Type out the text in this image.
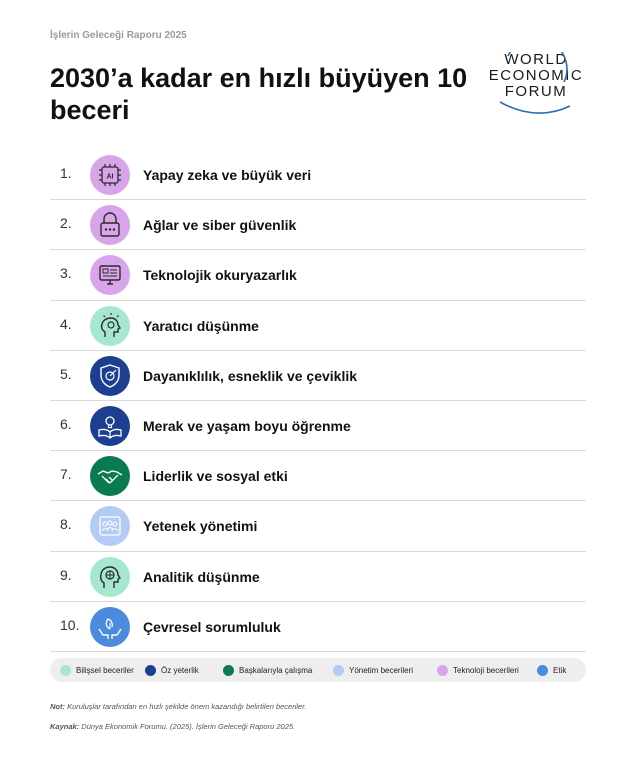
İşlerin Geleceği Raporu 2025
2030’a kadar en hızlı büyüyen 10 beceri
WORLD
ECONOMIC
FORUM
1.	AI Yapay zeka ve büyük veri
2.	Ağlar ve siber güvenlik
3.	Teknolojik okuryazarlık
4.	Yaratıcı düşünme
5.	Dayanıklılık, esneklik ve çeviklik
6.	Merak ve yaşam boyu öğrenme
7.	Liderlik ve sosyal etki
8.	Yetenek yönetimi
9.	Analitik düşünme
10.	Çevresel sorumluluk
Bilişsel beceriler	Öz yeterlik	Başkalarıyla çalışma	Yönetim becerileri	Teknoloji becerileri	Etik
Not: Kuruluşlar tarafından en hızlı şekilde önem kazandığı belirtilen beceriler.
Kaynak: Dünya Ekonomik Forumu. (2025). İşlerin Geleceği Raporu 2025.
